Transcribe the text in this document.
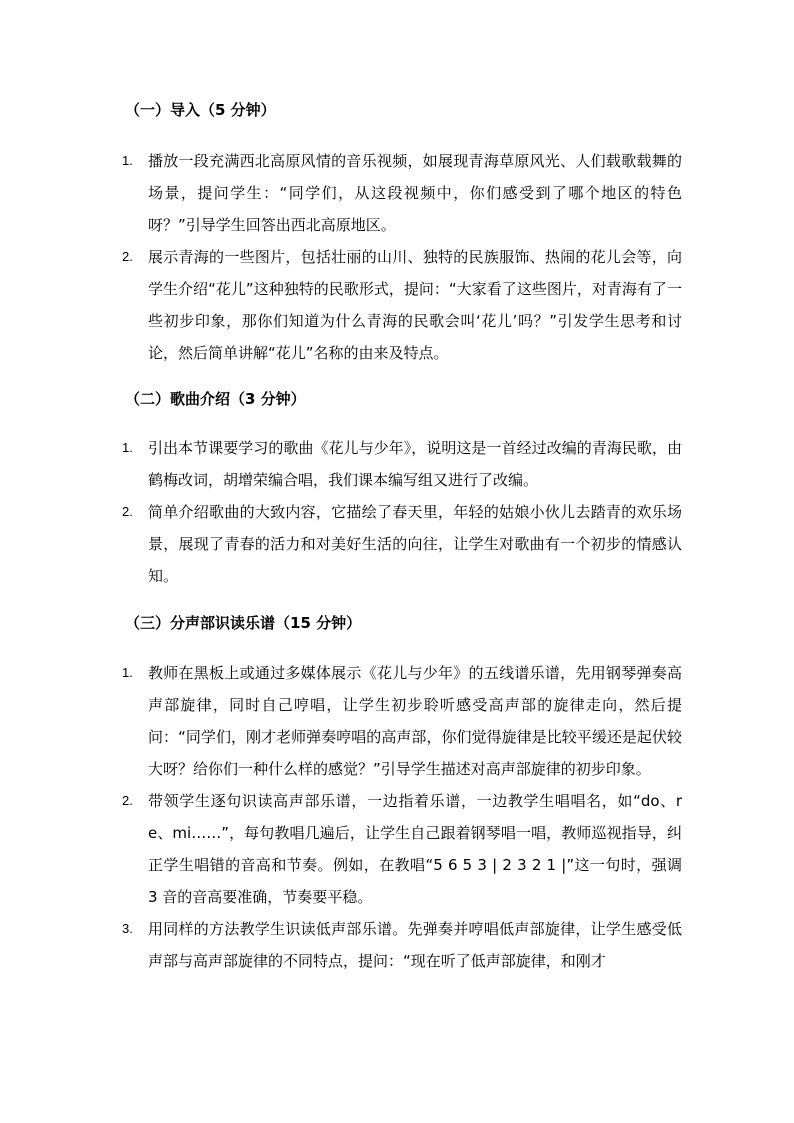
（一）导入（5 分钟）
1. 播放一段充满西北高原风情的音乐视频，如展现青海草原风光、人们载歌载舞的场景，提问学生：“同学们，从这段视频中，你们感受到了哪个地区的特色呀？”引导学生回答出西北高原地区。
2. 展示青海的一些图片，包括壮丽的山川、独特的民族服饰、热闹的花儿会等，向学生介绍“花儿”这种独特的民歌形式，提问：“大家看了这些图片，对青海有了一些初步印象，那你们知道为什么青海的民歌会叫‘花儿’吗？”引发学生思考和讨论，然后简单讲解“花儿”名称的由来及特点。
（二）歌曲介绍（3 分钟）
1. 引出本节课要学习的歌曲《花儿与少年》，说明这是一首经过改编的青海民歌，由鹤梅改词，胡增荣编合唱，我们课本编写组又进行了改编。
2. 简单介绍歌曲的大致内容，它描绘了春天里，年轻的姑娘小伙儿去踏青的欢乐场景，展现了青春的活力和对美好生活的向往，让学生对歌曲有一个初步的情感认知。
（三）分声部识读乐谱（15 分钟）
1. 教师在黑板上或通过多媒体展示《花儿与少年》的五线谱乐谱，先用钢琴弹奏高声部旋律，同时自己哼唱，让学生初步聆听感受高声部的旋律走向，然后提问：“同学们，刚才老师弹奏哼唱的高声部，你们觉得旋律是比较平缓还是起伏较大呀？给你们一种什么样的感觉？”引导学生描述对高声部旋律的初步印象。
2. 带领学生逐句识读高声部乐谱，一边指着乐谱，一边教学生唱唱名，如“do、re、mi……”，每句教唱几遍后，让学生自己跟着钢琴唱一唱，教师巡视指导，纠正学生唱错的音高和节奏。例如，在教唱“5 6 5 3 | 2 3 2 1 |”这一句时，强调 3 音的音高要准确，节奏要平稳。
3. 用同样的方法教学生识读低声部乐谱。先弹奏并哼唱低声部旋律，让学生感受低声部与高声部旋律的不同特点，提问：“现在听了低声部旋律，和刚才
